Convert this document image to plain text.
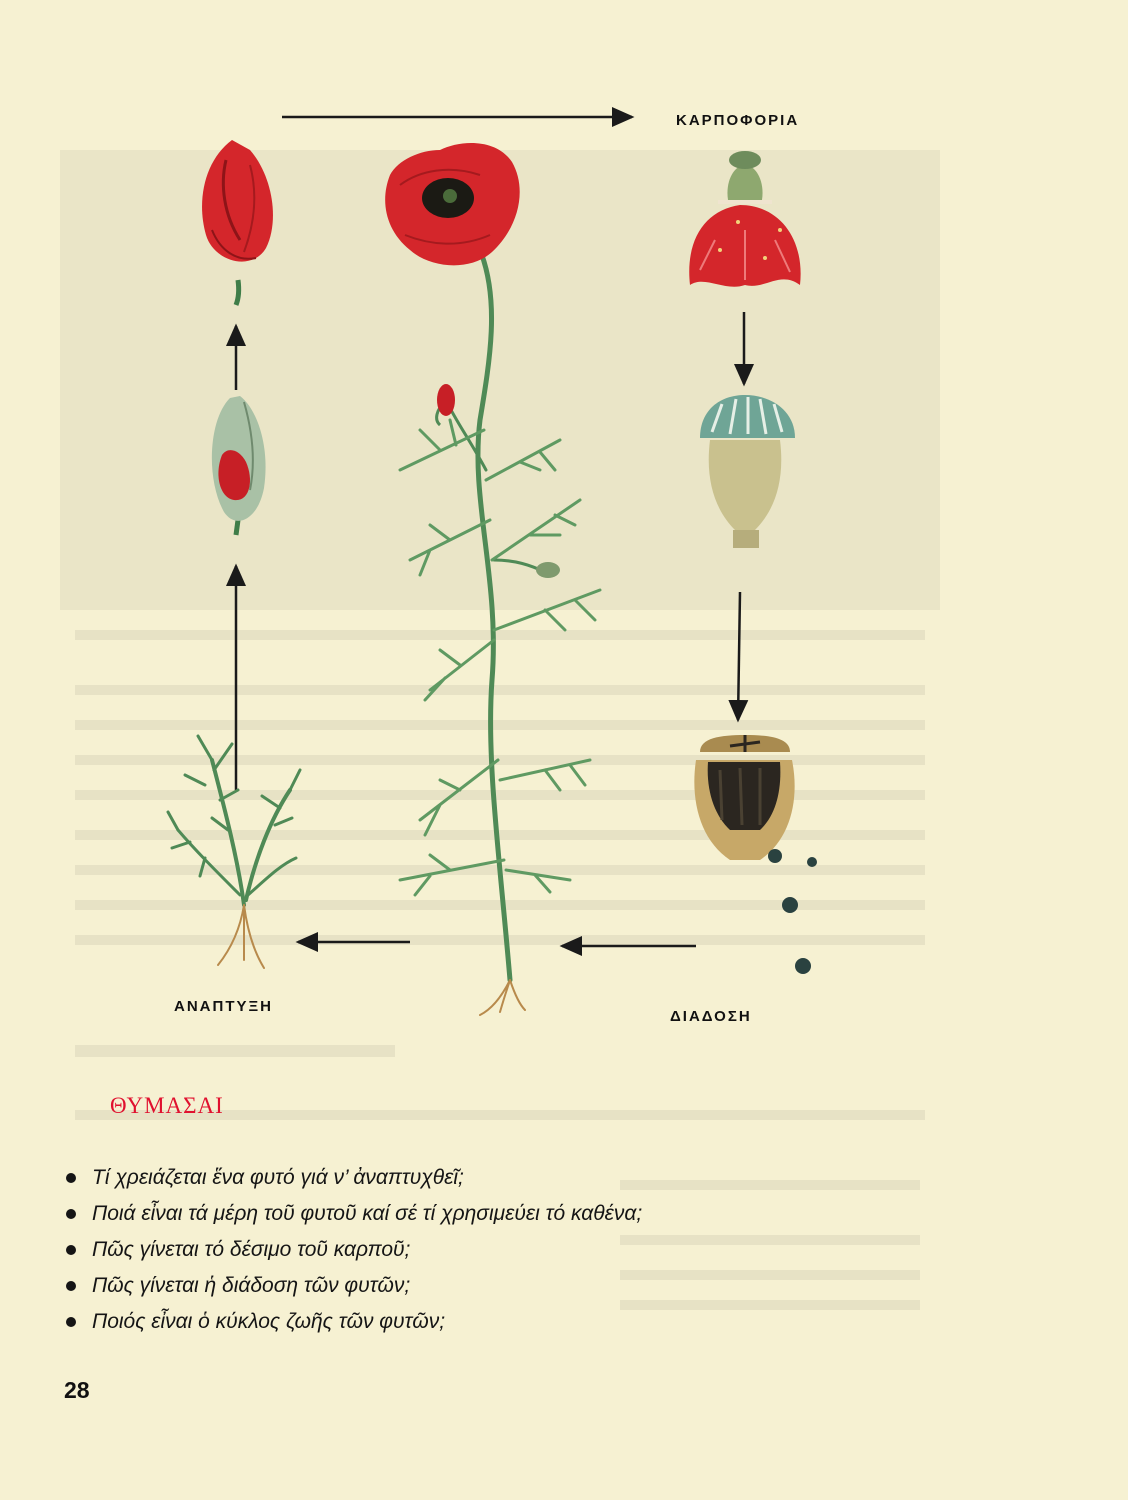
ΚΑΡΠΟΦΟΡΙΑ
ΑΝΑΠΤΥΞΗ
ΔΙΑΔΟΣΗ
ΘΥΜΑΣΑΙ
Τί χρειάζεται ἕνα φυτό γιά ν’ ἀναπτυχθεῖ;
Ποιά εἶναι τά μέρη τοῦ φυτοῦ καί σέ τί χρησιμεύει τό καθένα;
Πῶς γίνεται τό δέσιμο τοῦ καρποῦ;
Πῶς γίνεται ἡ διάδοση τῶν φυτῶν;
Ποιός εἶναι ὁ κύκλος ζωῆς τῶν φυτῶν;
28
